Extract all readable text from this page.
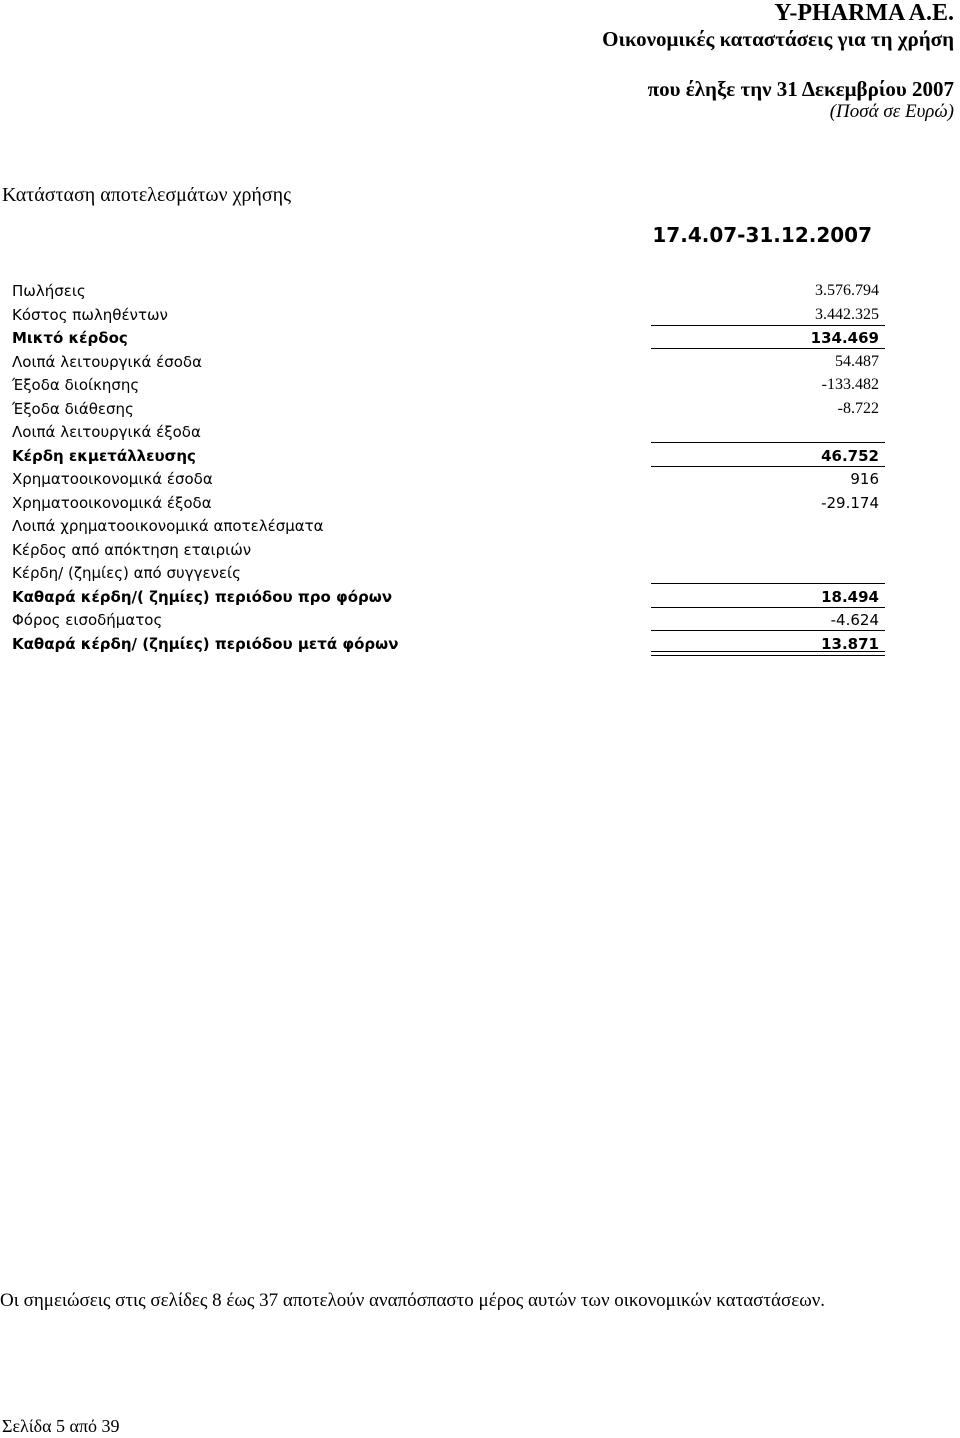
Y-PHARMA A.E.
Οικονομικές καταστάσεις για τη χρήση
που έληξε την 31 Δεκεμβρίου 2007
(Ποσά σε Ευρώ)
Κατάσταση αποτελεσμάτων χρήσης
17.4.07-31.12.2007
Πωλήσεις	3.576.794
Κόστος πωληθέντων	3.442.325
Μικτό κέρδος	134.469
Λοιπά λειτουργικά έσοδα	54.487
Έξοδα διοίκησης	-133.482
Έξοδα διάθεσης	-8.722
Λοιπά λειτουργικά έξοδα
Κέρδη εκμετάλλευσης	46.752
Χρηματοοικονομικά έσοδα	916
Χρηματοοικονομικά έξοδα	-29.174
Λοιπά χρηματοοικονομικά αποτελέσματα
Κέρδος από απόκτηση εταιριών
Κέρδη/ (ζημίες) από συγγενείς
Καθαρά κέρδη/( ζημίες) περιόδου προ φόρων	18.494
Φόρος εισοδήματος	-4.624
Καθαρά κέρδη/ (ζημίες) περιόδου μετά φόρων	13.871
Οι σημειώσεις στις σελίδες 8 έως 37 αποτελούν αναπόσπαστο μέρος αυτών των οικονομικών καταστάσεων.
Σελίδα 5 από 39
